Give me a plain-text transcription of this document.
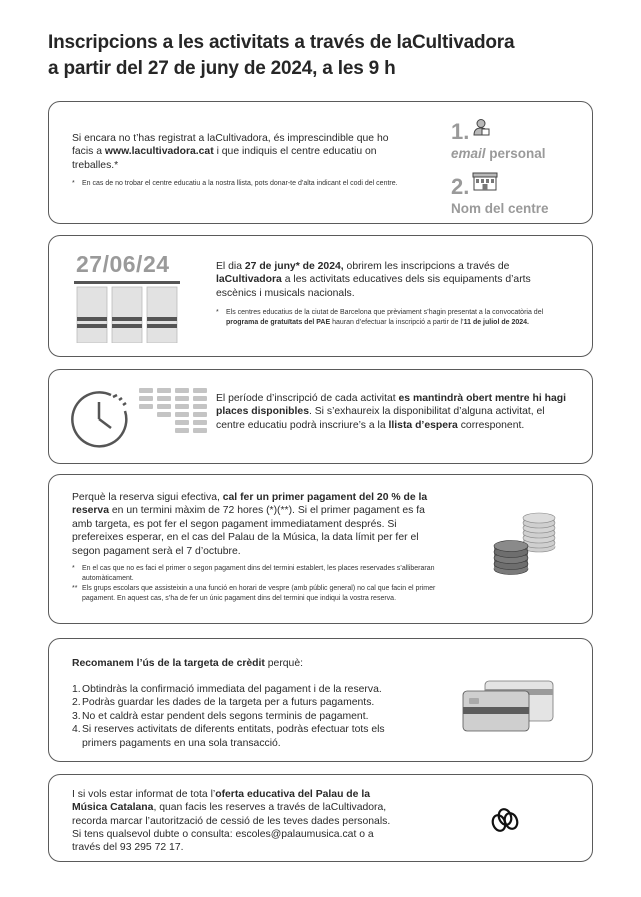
Inscripcions a les activitats a través de laCultivadora
a partir del 27 de juny de 2024, a les 9 h
Si encara no t’has registrat a laCultivadora, és imprescindible que ho facis a www.lacultivadora.cat i que indiquis el centre educatiu on treballes.*
* En cas de no trobar el centre educatiu a la nostra llista, pots donar-te d’alta indicant el codi del centre.
1.
email personal
2.
Nom del centre
27/06/24	El dia 27 de juny* de 2024, obrirem les inscripcions a través de laCultivadora a les activitats educatives dels sis equipaments d’arts escènics i musicals nacionals.
* Els centres educatius de la ciutat de Barcelona que prèviament s’hagin presentat a la convocatòria del programa de gratuïtats del PAE hauran d’efectuar la inscripció a partir de l’11 de juliol de 2024.
El període d’inscripció de cada activitat es mantindrà obert mentre hi hagi places disponibles. Si s’exhaureix la disponibilitat d’alguna activitat, el centre educatiu podrà inscriure’s a la llista d’espera corresponent.
Perquè la reserva sigui efectiva, cal fer un primer pagament del 20 % de la reserva en un termini màxim de 72 hores (*)(**). Si el primer pagament es fa amb targeta, es pot fer el segon pagament immediatament després. Si prefereixes esperar, en el cas del Palau de la Música, la data límit per fer el segon pagament serà el 7 d’octubre.
* En el cas que no es faci el primer o segon pagament dins del termini establert, les places reservades s’alliberaran automàticament.
** Els grups escolars que assisteixin a una funció en horari de vespre (amb públic general) no cal que facin el primer pagament. En aquest cas, s’ha de fer un únic pagament dins del termini que indiqui la vostra reserva.
Recomanem l’ús de la targeta de crèdit perquè:
1. Obtindràs la confirmació immediata del pagament i de la reserva.
2. Podràs guardar les dades de la targeta per a futurs pagaments.
3. No et caldrà estar pendent dels segons terminis de pagament.
4. Si reserves activitats de diferents entitats, podràs efectuar tots els primers pagaments en una sola transacció.
I si vols estar informat de tota l’oferta educativa del Palau de la Música Catalana, quan facis les reserves a través de laCultivadora, recorda marcar l’autorització de cessió de les teves dades personals.
Si tens qualsevol dubte o consulta: escoles@palaumusica.cat o a través del 93 295 72 17.
